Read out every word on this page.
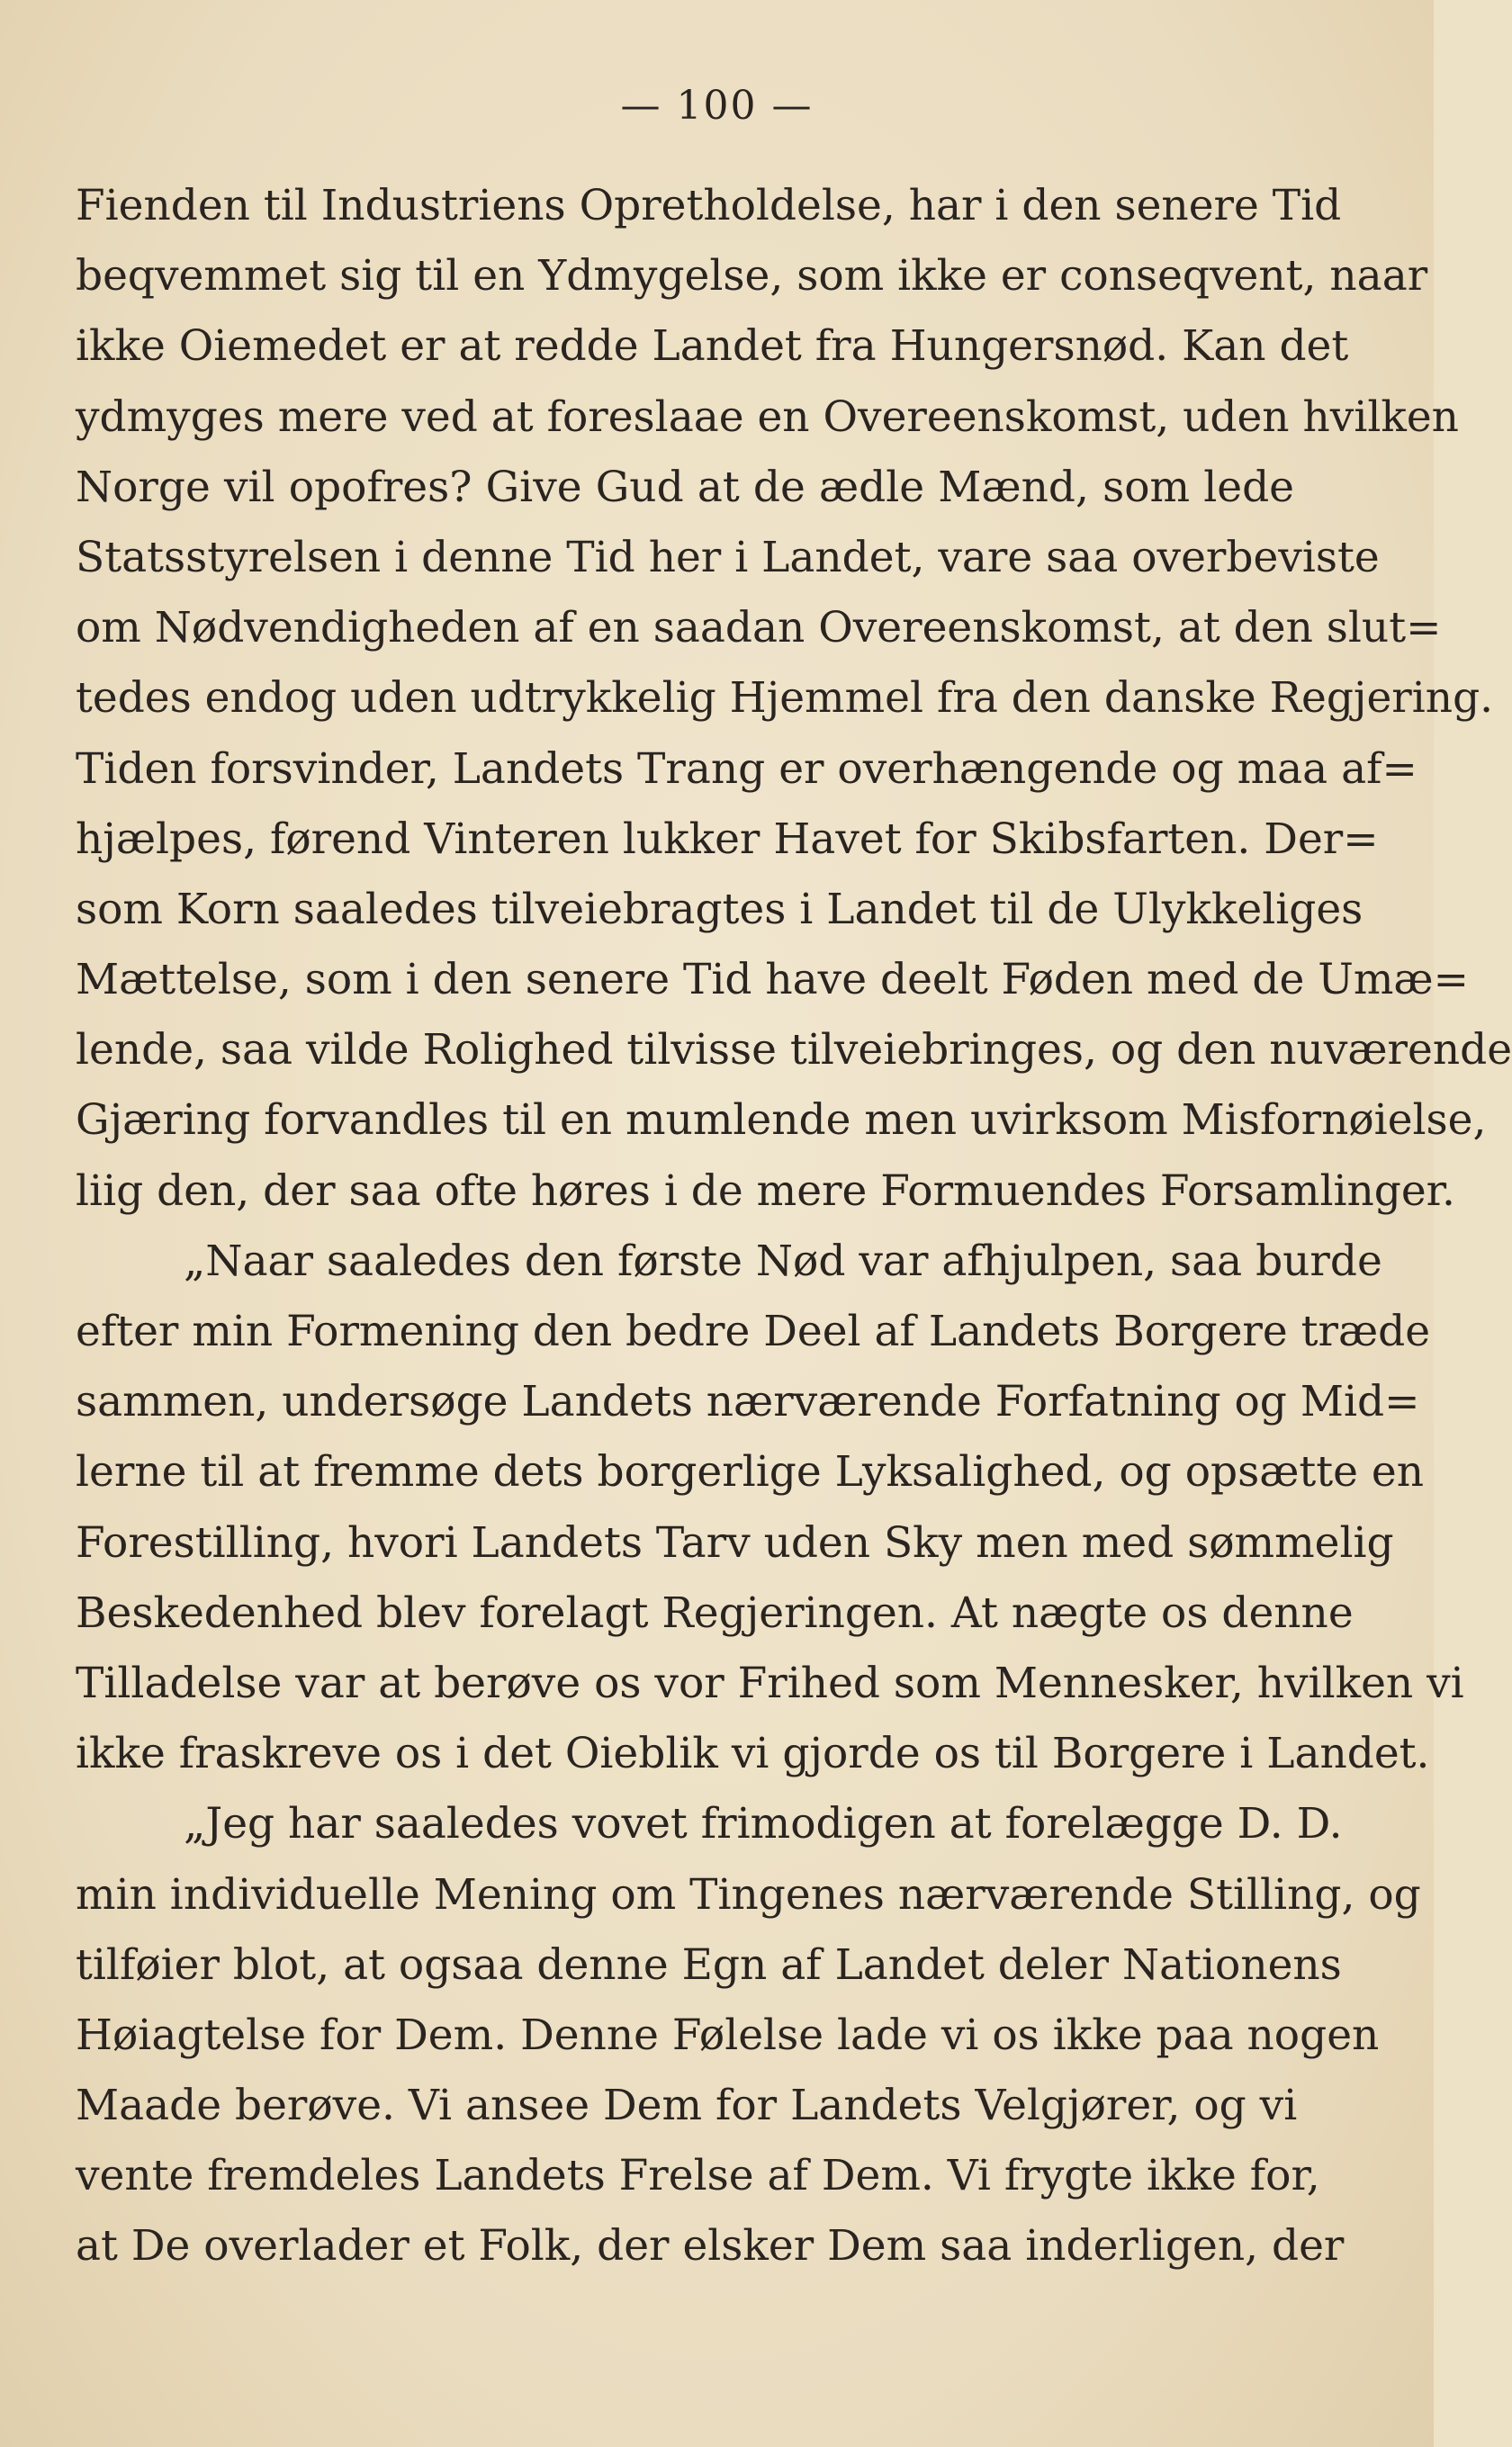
— 100 —
Fienden til Industriens Opretholdelse, har i den senere Tid
beqvemmet sig til en Ydmygelse, som ikke er conseqvent, naar
ikke Oiemedet er at redde Landet fra Hungersnød. Kan det
ydmyges mere ved at foreslaae en Overeenskomst, uden hvilken
Norge vil opofres? Give Gud at de ædle Mænd, som lede
Statsstyrelsen i denne Tid her i Landet, vare saa overbeviste
om Nødvendigheden af en saadan Overeenskomst, at den slut=
tedes endog uden udtrykkelig Hjemmel fra den danske Regjering.
Tiden forsvinder, Landets Trang er overhængende og maa af=
hjælpes, førend Vinteren lukker Havet for Skibsfarten. Der=
som Korn saaledes tilveiebragtes i Landet til de Ulykkeliges
Mættelse, som i den senere Tid have deelt Føden med de Umæ=
lende, saa vilde Rolighed tilvisse tilveiebringes, og den nuværende
Gjæring forvandles til en mumlende men uvirksom Misfornøielse,
liig den, der saa ofte høres i de mere Formuendes Forsamlinger.
„Naar saaledes den første Nød var afhjulpen, saa burde
efter min Formening den bedre Deel af Landets Borgere træde
sammen, undersøge Landets nærværende Forfatning og Mid=
lerne til at fremme dets borgerlige Lyksalighed, og opsætte en
Forestilling, hvori Landets Tarv uden Sky men med sømmelig
Beskedenhed blev forelagt Regjeringen. At nægte os denne
Tilladelse var at berøve os vor Frihed som Mennesker, hvilken vi
ikke fraskreve os i det Oieblik vi gjorde os til Borgere i Landet.
„Jeg har saaledes vovet frimodigen at forelægge D. D.
min individuelle Mening om Tingenes nærværende Stilling, og
tilføier blot, at ogsaa denne Egn af Landet deler Nationens
Høiagtelse for Dem. Denne Følelse lade vi os ikke paa nogen
Maade berøve. Vi ansee Dem for Landets Velgjører, og vi
vente fremdeles Landets Frelse af Dem. Vi frygte ikke for,
at De overlader et Folk, der elsker Dem saa inderligen, der
